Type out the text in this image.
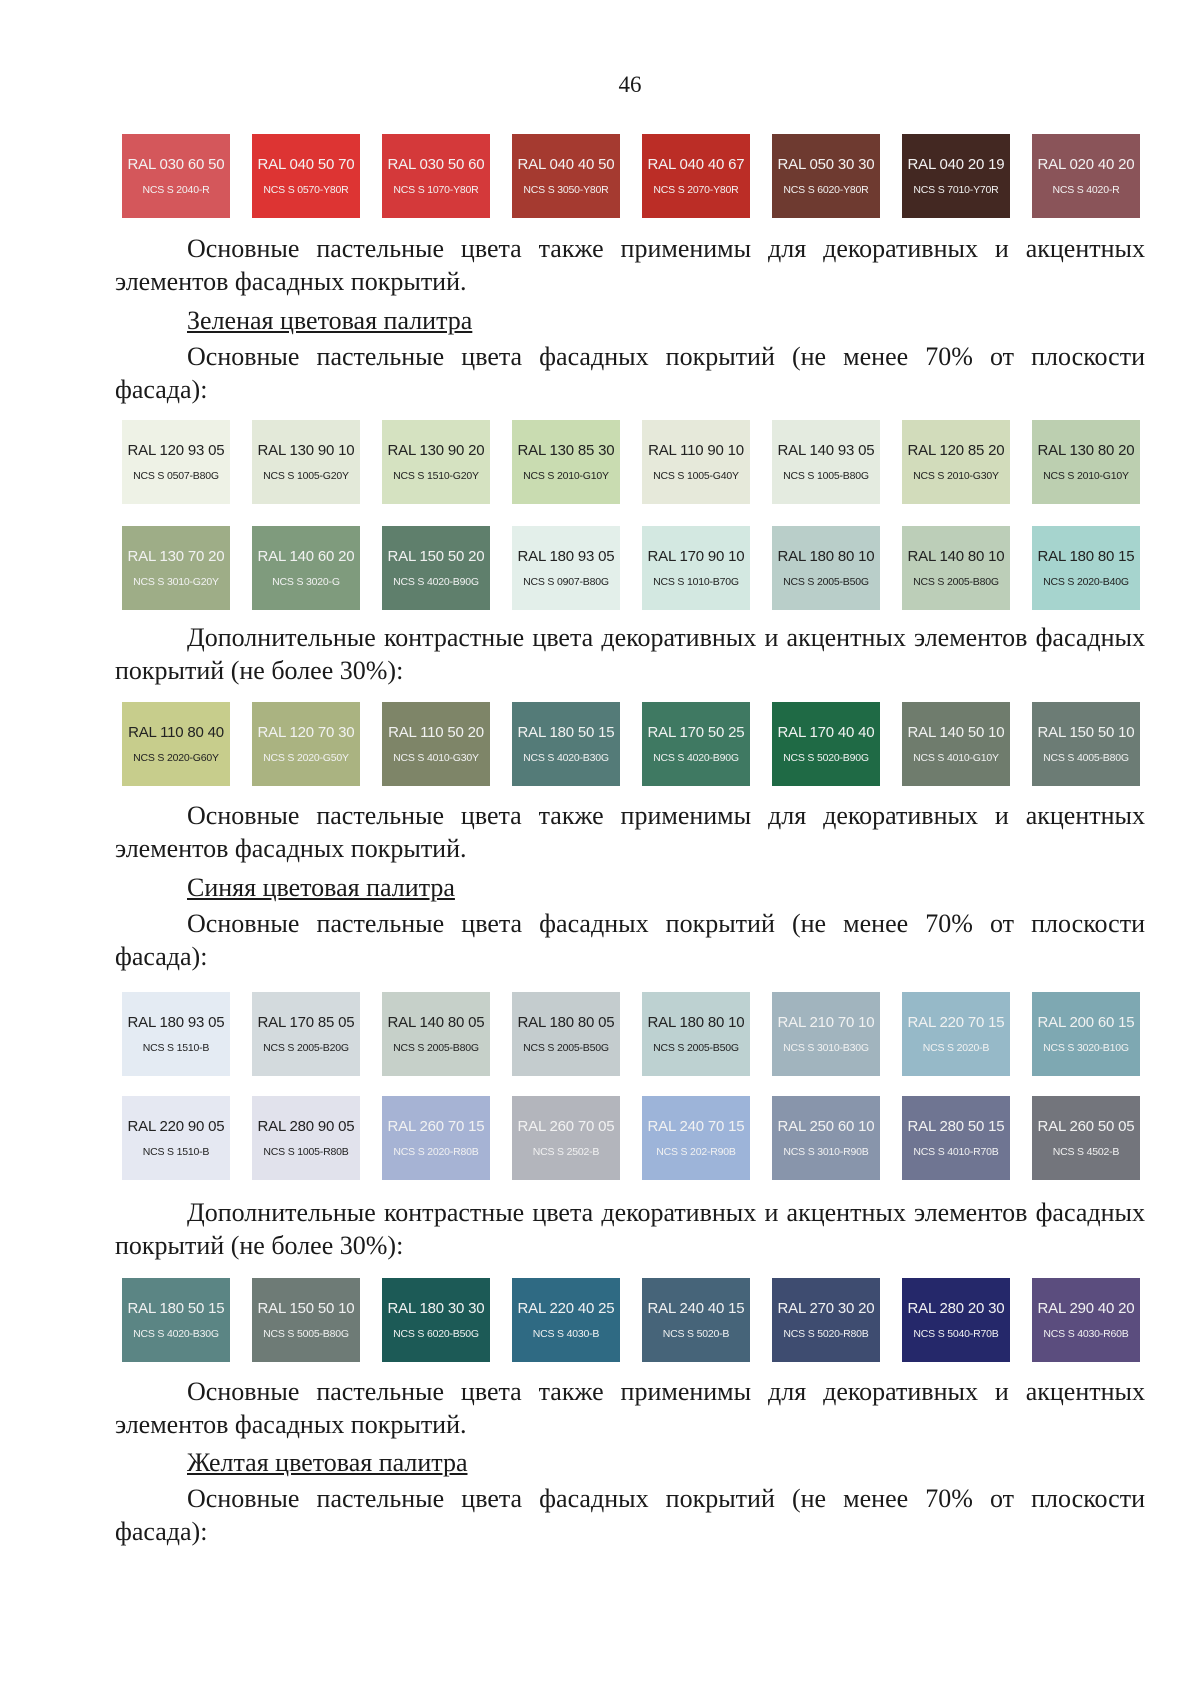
46
RAL 030 60 50
NCS S 2040-R
RAL 040 50 70
NCS S 0570-Y80R
RAL 030 50 60
NCS S 1070-Y80R
RAL 040 40 50
NCS S 3050-Y80R
RAL 040 40 67
NCS S 2070-Y80R
RAL 050 30 30
NCS S 6020-Y80R
RAL 040 20 19
NCS S 7010-Y70R
RAL 020 40 20
NCS S 4020-R

Основные пастельные цвета также применимы для декоративных и акцентных элементов фасадных покрытий.

Зеленая цветовая палитра

Основные пастельные цвета фасадных покрытий (не менее 70% от плоскости фасада):

RAL 120 93 05
NCS S 0507-B80G
RAL 130 90 10
NCS S 1005-G20Y
RAL 130 90 20
NCS S 1510-G20Y
RAL 130 85 30
NCS S 2010-G10Y
RAL 110 90 10
NCS S 1005-G40Y
RAL 140 93 05
NCS S 1005-B80G
RAL 120 85 20
NCS S 2010-G30Y
RAL 130 80 20
NCS S 2010-G10Y
RAL 130 70 20
NCS S 3010-G20Y
RAL 140 60 20
NCS S 3020-G
RAL 150 50 20
NCS S 4020-B90G
RAL 180 93 05
NCS S 0907-B80G
RAL 170 90 10
NCS S 1010-B70G
RAL 180 80 10
NCS S 2005-B50G
RAL 140 80 10
NCS S 2005-B80G
RAL 180 80 15
NCS S 2020-B40G

Дополнительные контрастные цвета декоративных и акцентных элементов фасадных покрытий (не более 30%):

RAL 110 80 40
NCS S 2020-G60Y
RAL 120 70 30
NCS S 2020-G50Y
RAL 110 50 20
NCS S 4010-G30Y
RAL 180 50 15
NCS S 4020-B30G
RAL 170 50 25
NCS S 4020-B90G
RAL 170 40 40
NCS S 5020-B90G
RAL 140 50 10
NCS S 4010-G10Y
RAL 150 50 10
NCS S 4005-B80G

Основные пастельные цвета также применимы для декоративных и акцентных элементов фасадных покрытий.

Синяя цветовая палитра

Основные пастельные цвета фасадных покрытий (не менее 70% от плоскости фасада):

RAL 180 93 05
NCS S 1510-B
RAL 170 85 05
NCS S 2005-B20G
RAL 140 80 05
NCS S 2005-B80G
RAL 180 80 05
NCS S 2005-B50G
RAL 180 80 10
NCS S 2005-B50G
RAL 210 70 10
NCS S 3010-B30G
RAL 220 70 15
NCS S 2020-B
RAL 200 60 15
NCS S 3020-B10G
RAL 220 90 05
NCS S 1510-B
RAL 280 90 05
NCS S 1005-R80B
RAL 260 70 15
NCS S 2020-R80B
RAL 260 70 05
NCS S 2502-B
RAL 240 70 15
NCS S 202-R90B
RAL 250 60 10
NCS S 3010-R90B
RAL 280 50 15
NCS S 4010-R70B
RAL 260 50 05
NCS S 4502-B

Дополнительные контрастные цвета декоративных и акцентных элементов фасадных покрытий (не более 30%):

RAL 180 50 15
NCS S 4020-B30G
RAL 150 50 10
NCS S 5005-B80G
RAL 180 30 30
NCS S 6020-B50G
RAL 220 40 25
NCS S 4030-B
RAL 240 40 15
NCS S 5020-B
RAL 270 30 20
NCS S 5020-R80B
RAL 280 20 30
NCS S 5040-R70B
RAL 290 40 20
NCS S 4030-R60B

Основные пастельные цвета также применимы для декоративных и акцентных элементов фасадных покрытий.

Желтая цветовая палитра

Основные пастельные цвета фасадных покрытий (не менее 70% от плоскости фасада):
